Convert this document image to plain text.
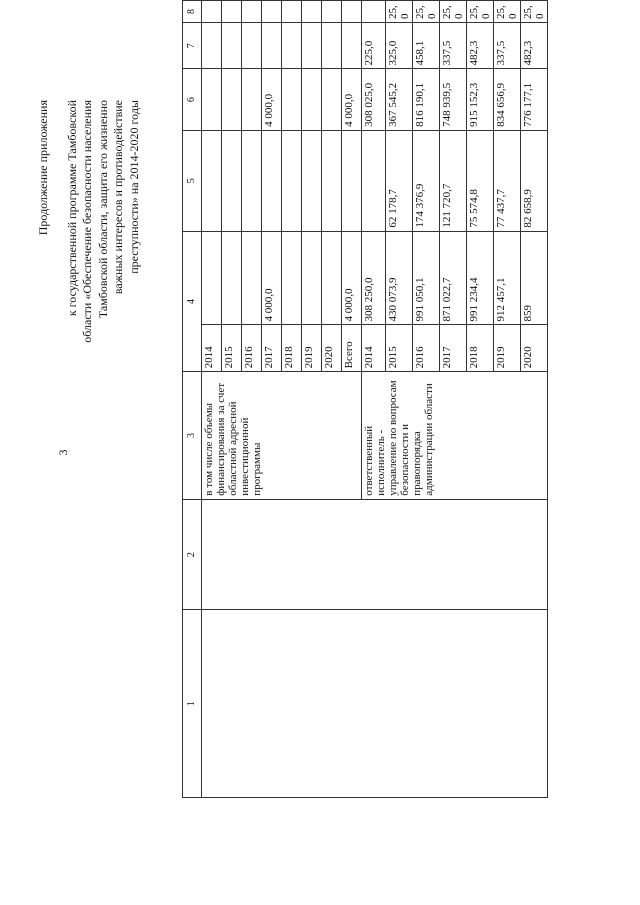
3
Продолжение приложения к государственной программе Тамбовской области «Обеспечение безопасности населения Тамбовской области, защита его жизненно важных интересов и противодействие преступности» на 2014-2020 годы
1	2	3	4		5	6	7	8
		в том числе объемы финансирования за счет областной адресной инвестиционной программы	2014					
			2015					
			2016					
			2017	4 000,0		4 000,0		
			2018					
			2019					
			2020					
			Всего	4 000,0		4 000,0		
		ответственный исполнитель - управление по вопросам безопасности и правопорядка администрации области	2014	308 250,0		308 025,0	225,0	
			2015	430 073,9	62 178,7	367 545,2	325,0	25,0
			2016	991 050,1	174 376,9	816 190,1	458,1	25,0
			2017	871 022,7	121 720,7	748 939,5	337,5	25,0
			2018	991 234,4	75 574,8	915 152,3	482,3	25,0
			2019	912 457,1	77 437,7	834 656,9	337,5	25,0
			2020	859	82 658,9	776 177,1	482,3	25,0
